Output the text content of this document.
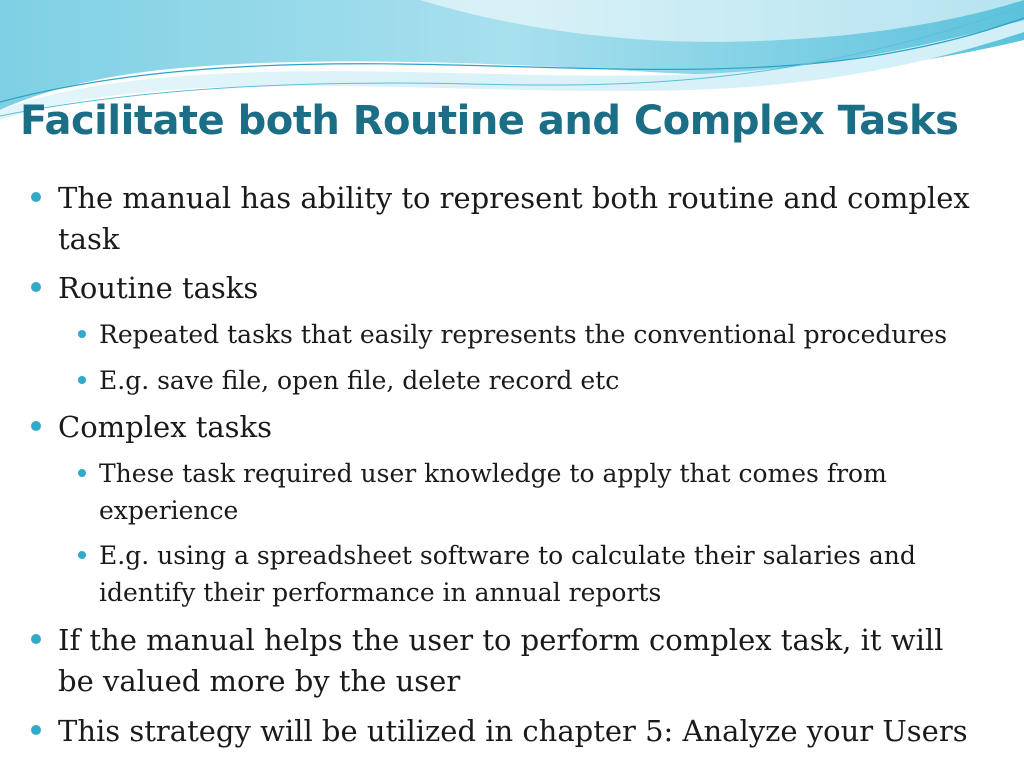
Facilitate both Routine and Complex Tasks
The manual has ability to represent both routine and complex task
Routine tasks
Repeated tasks that easily represents the conventional procedures
E.g. save file, open file, delete record etc
Complex tasks
These task required user knowledge to apply that comes from experience
E.g. using a spreadsheet software to calculate their salaries and identify their performance in annual reports
If the manual helps the user to perform complex task, it will be valued more by the user
This strategy will be utilized in chapter 5: Analyze your Users
